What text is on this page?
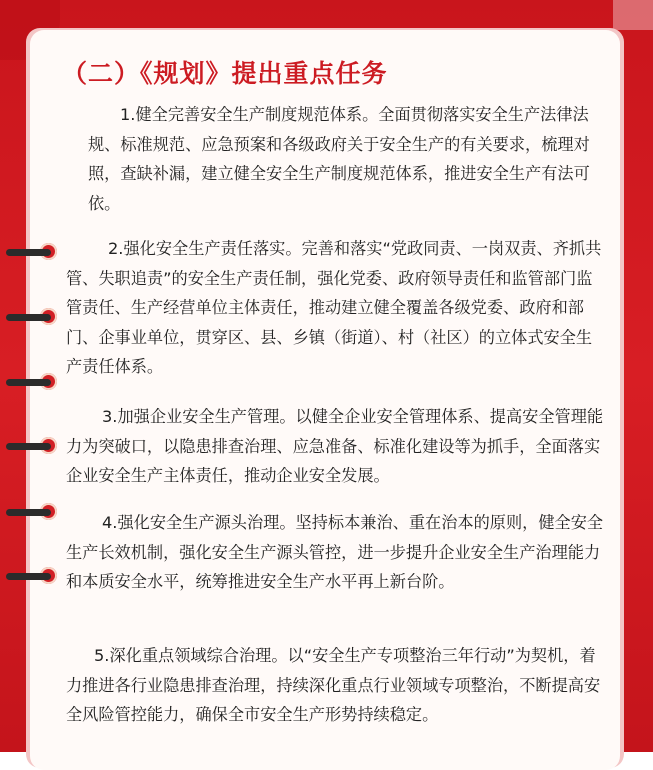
（二）《规划》提出重点任务
1.健全完善安全生产制度规范体系。全面贯彻落实安全生产法律法规、标准规范、应急预案和各级政府关于安全生产的有关要求，梳理对照，查缺补漏，建立健全安全生产制度规范体系，推进安全生产有法可依。
2.强化安全生产责任落实。完善和落实“党政同责、一岗双责、齐抓共管、失职追责”的安全生产责任制，强化党委、政府领导责任和监管部门监管责任、生产经营单位主体责任，推动建立健全覆盖各级党委、政府和部门、企事业单位，贯穿区、县、乡镇（街道）、村（社区）的立体式安全生产责任体系。
3.加强企业安全生产管理。以健全企业安全管理体系、提高安全管理能力为突破口，以隐患排查治理、应急准备、标准化建设等为抓手，全面落实企业安全生产主体责任，推动企业安全发展。
4.强化安全生产源头治理。坚持标本兼治、重在治本的原则，健全安全生产长效机制，强化安全生产源头管控，进一步提升企业安全生产治理能力和本质安全水平，统筹推进安全生产水平再上新台阶。
5.深化重点领域综合治理。以“安全生产专项整治三年行动”为契机，着力推进各行业隐患排查治理，持续深化重点行业领域专项整治，不断提高安全风险管控能力，确保全市安全生产形势持续稳定。
